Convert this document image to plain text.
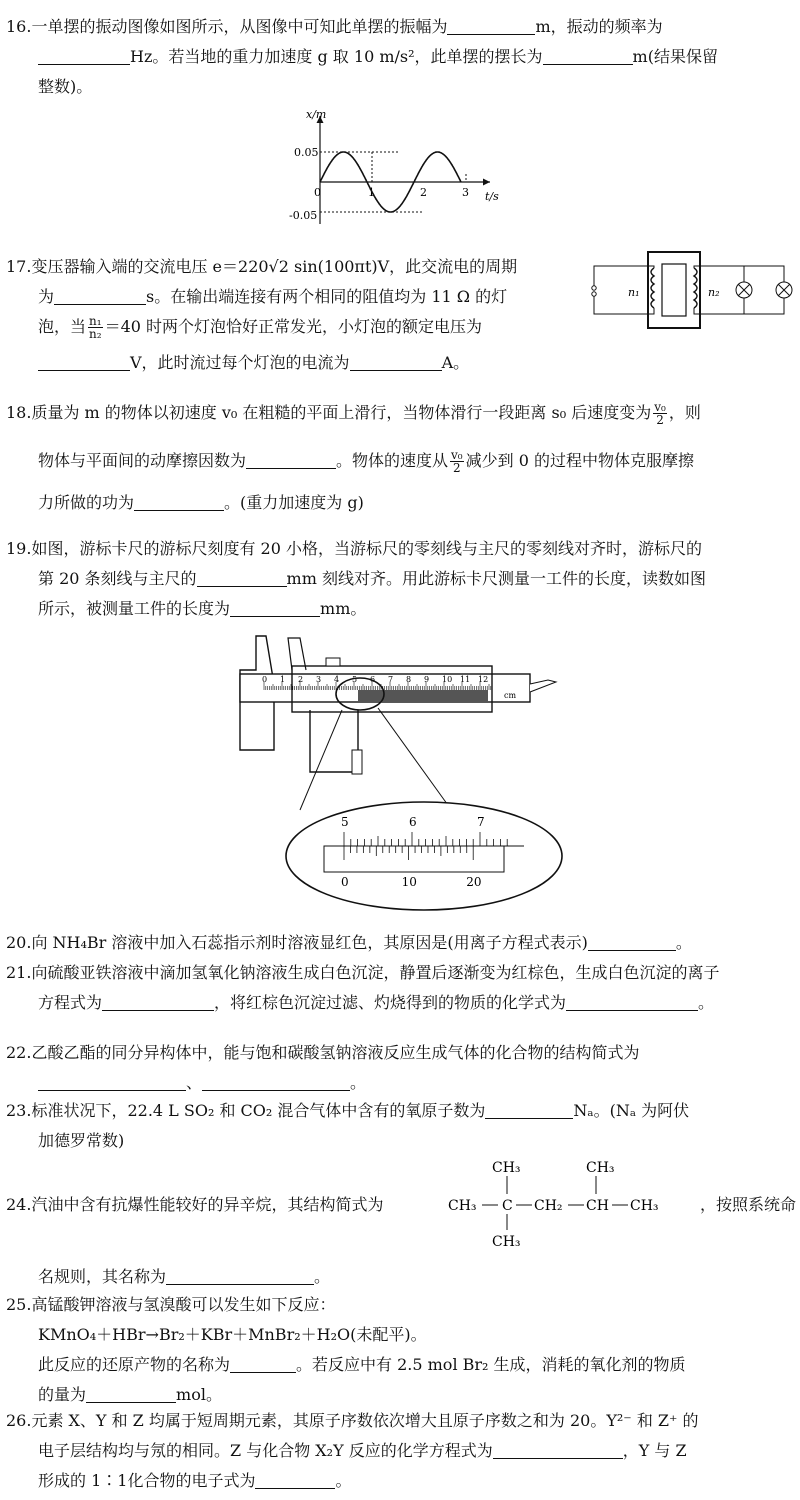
16.一单摆的振动图像如图所示，从图像中可知此单摆的振幅为	m，振动的频率为
Hz。若当地的重力加速度 g 取 10 m/s²，此单摆的摆长为	m(结果保留
整数)。
x/m
t/s
0.05
-0.05
0	1	2	3
17.变压器输入端的交流电压 e＝220√2 sin(100πt)V，此交流电的周期
为	s。在输出端连接有两个相同的阻值均为 11 Ω 的灯
泡，当 $\frac{\text{n₁}}{\text{n₂}} =40$ 时两个灯泡恰好正常发光，小灯泡的额定电压为
V，此时流过每个灯泡的电流为	A。
n₁	n₂
18.质量为 m 的物体以初速度 v₀ 在粗糙的平面上滑行，当物体滑行一段距离 s₀ 后速度变为 $\frac{\text{v₀}}{2}$ ，则
物体与平面间的动摩擦因数为	。物体的速度从 $\frac{\text{v₀}}{2}$ 减少到 0 的过程中物体克服摩擦
力所做的功为	。(重力加速度为 g)
19.如图，游标卡尺的游标尺刻度有 20 小格，当游标尺的零刻线与主尺的零刻线对齐时，游标尺的
第 20 条刻线与主尺的	mm 刻线对齐。用此游标卡尺测量一工件的长度，读数如图
所示，被测量工件的长度为	mm。
0 1 2 3 4 5 6 7 8 9 10 11 12
cm
5	6	7
0	10	20
20.向 NH₄Br 溶液中加入石蕊指示剂时溶液显红色，其原因是(用离子方程式表示)	。
21.向硫酸亚铁溶液中滴加氢氧化钠溶液生成白色沉淀，静置后逐渐变为红棕色，生成白色沉淀的离子
方程式为	，将红棕色沉淀过滤、灼烧得到的物质的化学式为	。
22.乙酸乙酯的同分异构体中，能与饱和碳酸氢钠溶液反应生成气体的化合物的结构简式为
、	。
23.标准状况下，22.4 L SO₂ 和 CO₂ 混合气体中含有的氧原子数为	Nₐ。(Nₐ 为阿伏
加德罗常数)
24.汽油中含有抗爆性能较好的异辛烷，其结构简式为	CH₃ C CH₂ CH CH₃
CH₃	CH₃
CH₃
，按照系统命
名规则，其名称为	。
25.高锰酸钾溶液与氢溴酸可以发生如下反应：
KMnO₄＋HBr→Br₂＋KBr＋MnBr₂＋H₂O(未配平)。
此反应的还原产物的名称为	。若反应中有 2.5 mol Br₂ 生成，消耗的氧化剂的物质
的量为	mol。
26.元素 X、Y 和 Z 均属于短周期元素，其原子序数依次增大且原子序数之和为 20。Y²⁻ 和 Z⁺ 的
电子层结构均与氖的相同。Z 与化合物 X₂Y 反应的化学方程式为	，Y 与 Z
形成的 1∶1化合物的电子式为	。
